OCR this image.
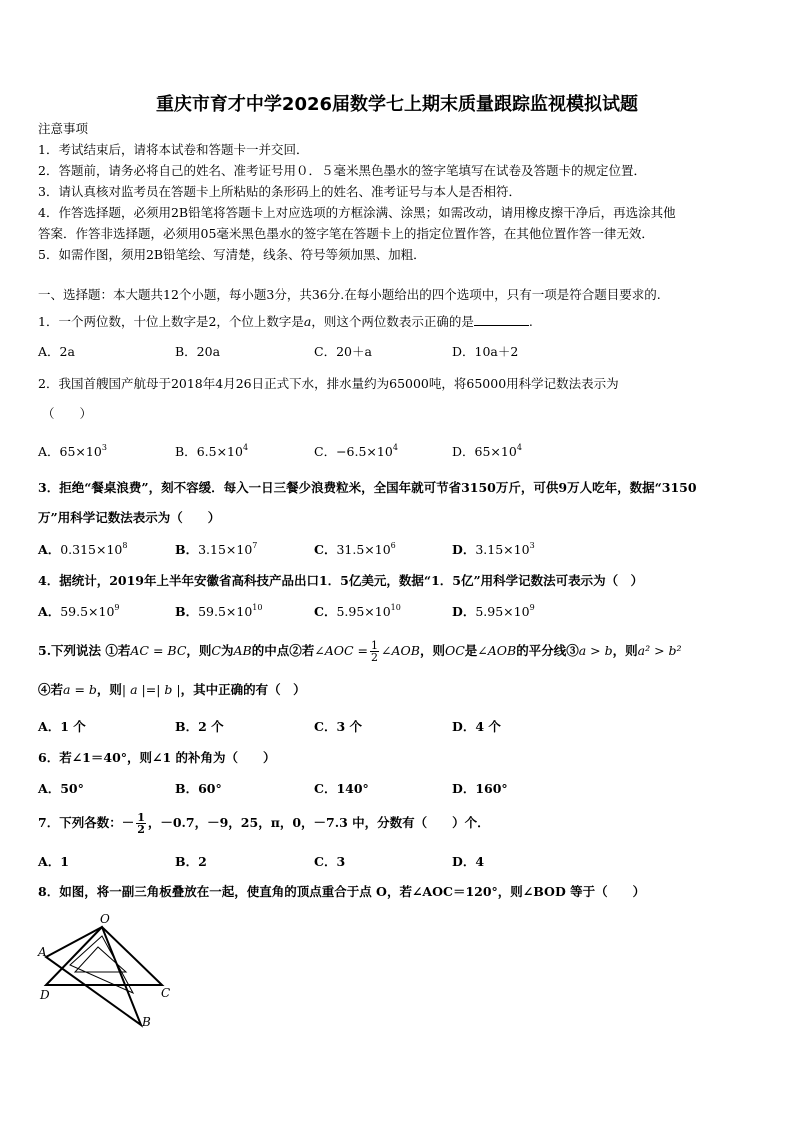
重庆市育才中学2026届数学七上期末质量跟踪监视模拟试题
注意事项
1．考试结束后，请将本试卷和答题卡一并交回．
2．答题前，请务必将自己的姓名、准考证号用０．５毫米黑色墨水的签字笔填写在试卷及答题卡的规定位置．
3．请认真核对监考员在答题卡上所粘贴的条形码上的姓名、准考证号与本人是否相符．
4．作答选择题，必须用2B铅笔将答题卡上对应选项的方框涂满、涂黑；如需改动，请用橡皮擦干净后，再选涂其他
答案．作答非选择题，必须用05毫米黑色墨水的签字笔在答题卡上的指定位置作答，在其他位置作答一律无效．
5．如需作图，须用2B铅笔绘、写清楚，线条、符号等须加黑、加粗．
一、选择题：本大题共12个小题，每小题3分，共36分.在每小题给出的四个选项中，只有一项是符合题目要求的.
1．一个两位数，十位上数字是2，个位上数字是a，则这个两位数表示正确的是	.
A．2a	B．20a	C．20＋a	D．10a＋2
2．我国首艘国产航母于2018年4月26日正式下水，排水量约为65000吨，将65000用科学记数法表示为
（　　）
A．$65\times 10^3$	B．$6.5\times 10^4$	C．$-6.5\times 10^4$	D．$65\times 10^4$
3．拒绝“餐桌浪费”，刻不容缓．每入一日三餐少浪费粒米，全国年就可节省3150万斤，可供9万人吃年，数据“3150
万”用科学记数法表示为（　　）
A．$0.315\times 10^8$	B．$3.15\times 10^7$	C．$31.5\times 10^6$	D．$3.15\times 10^3$
4．据统计，2019年上半年安徽省高科技产品出口1．5亿美元，数据“1．5亿”用科学记数法可表示为（　）
A．$59.5\times 10^9$	B．$59.5\times 10^{10}$	C．$5.95\times 10^{10}$	D．$5.95\times 10^9$
5.下列说法 ①若AC = BC，则C为AB的中点②若∠AOC = $\frac{1}{2}$ ∠AOB，则OC是∠AOB的平分线③a > b，则a² > b²
④若a = b，则| a |=| b |，其中正确的有（　）
A．1 个	B．2 个	C．3 个	D．4 个
6．若∠1＝40°，则∠1 的补角为（　　）
A．50°	B．60°	C．140°	D．160°
7．下列各数：－ $\frac{1}{2}$ ，－0.7，－9，25，π，0，－7.3 中，分数有（　　）个．
A．1	B．2	C．3	D．4
8．如图，将一副三角板叠放在一起，使直角的顶点重合于点 O，若∠AOC＝120°，则∠BOD 等于（　　）
O
A
D	C
B
